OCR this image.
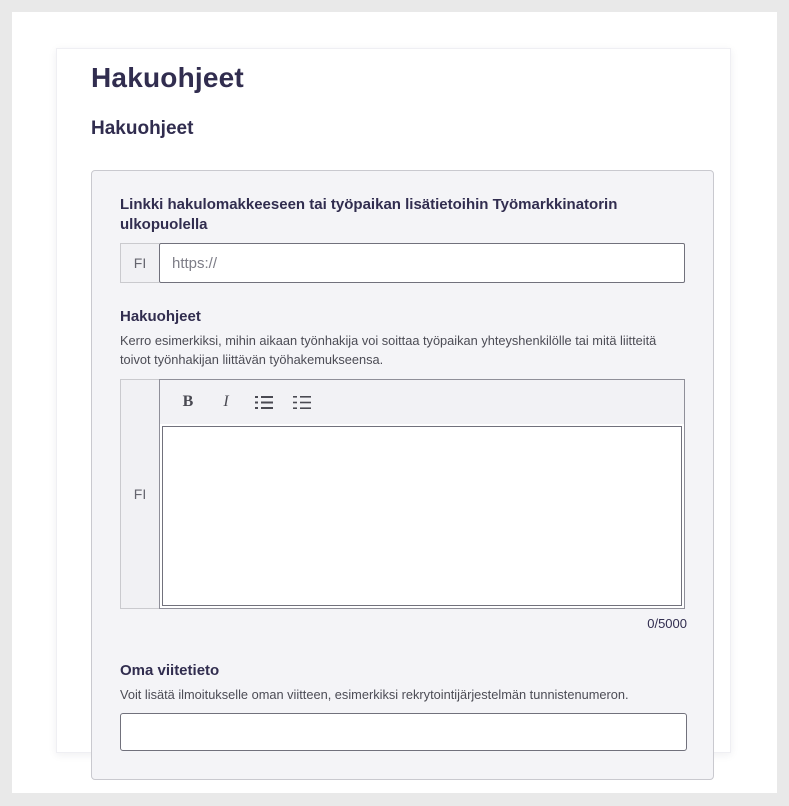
Hakuohjeet
Hakuohjeet
Linkki hakulomakkeeseen tai työpaikan lisätietoihin Työmarkkinatorin ulkopuolella
FI
https://
Hakuohjeet
Kerro esimerkiksi, mihin aikaan työnhakija voi soittaa työpaikan yhteyshenkilölle tai mitä liitteitä toivot työnhakijan liittävän työhakemukseensa.
FI
B	I
0/5000
Oma viitetieto
Voit lisätä ilmoitukselle oman viitteen, esimerkiksi rekrytointijärjestelmän tunnistenumeron.
